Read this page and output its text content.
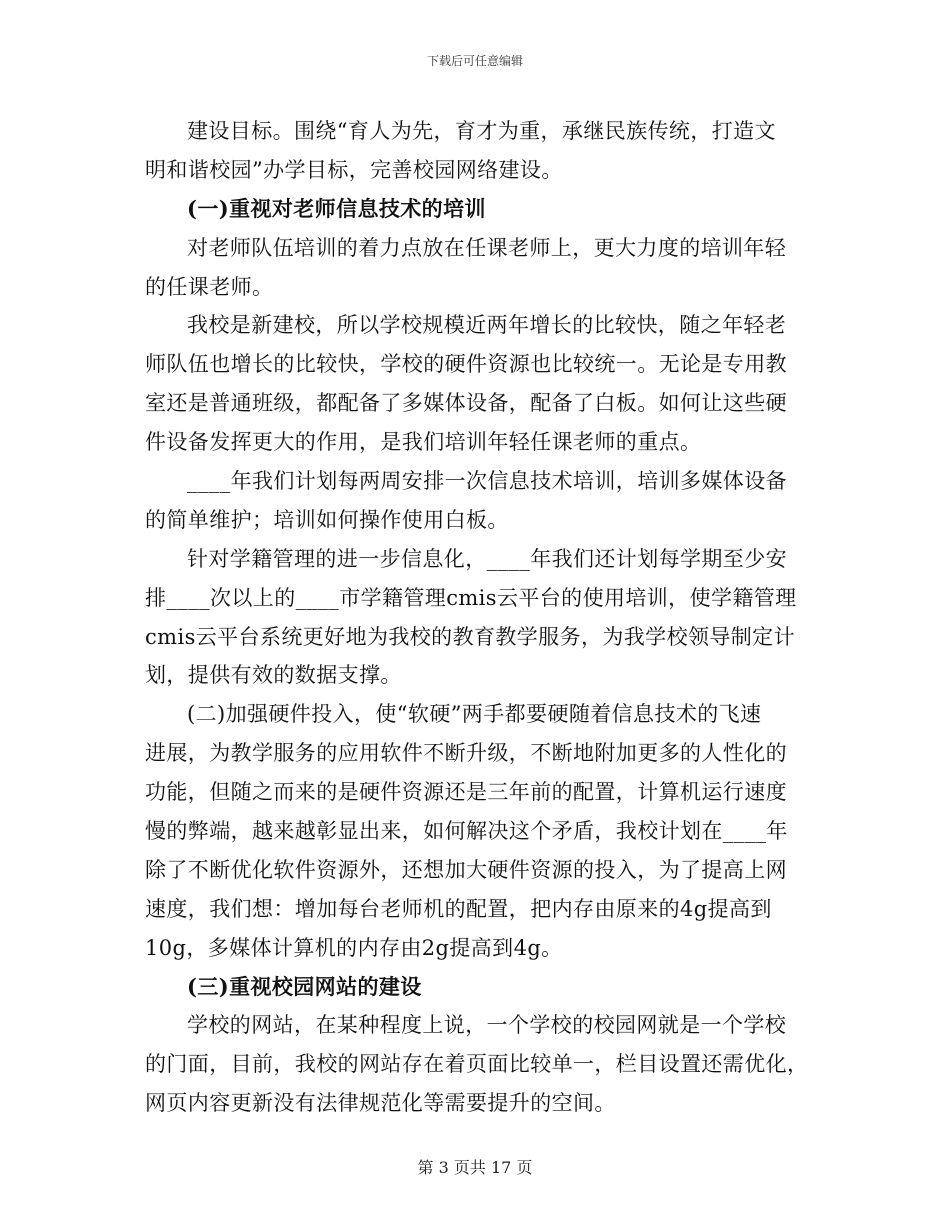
下载后可任意编辑
建设目标。围绕“育人为先，育才为重，承继民族传统，打造文
明和谐校园”办学目标，完善校园网络建设。
(一)重视对老师信息技术的培训
对老师队伍培训的着力点放在任课老师上，更大力度的培训年轻
的任课老师。
我校是新建校，所以学校规模近两年增长的比较快，随之年轻老
师队伍也增长的比较快，学校的硬件资源也比较统一。无论是专用教
室还是普通班级，都配备了多媒体设备，配备了白板。如何让这些硬
件设备发挥更大的作用，是我们培训年轻任课老师的重点。
____年我们计划每两周安排一次信息技术培训，培训多媒体设备
的简单维护；培训如何操作使用白板。
针对学籍管理的进一步信息化，____年我们还计划每学期至少安
排____次以上的____市学籍管理cmis云平台的使用培训，使学籍管理
cmis云平台系统更好地为我校的教育教学服务，为我学校领导制定计
划，提供有效的数据支撑。
(二)加强硬件投入，使“软硬”两手都要硬随着信息技术的飞速
进展，为教学服务的应用软件不断升级，不断地附加更多的人性化的
功能，但随之而来的是硬件资源还是三年前的配置，计算机运行速度
慢的弊端，越来越彰显出来，如何解决这个矛盾，我校计划在____年
除了不断优化软件资源外，还想加大硬件资源的投入，为了提高上网
速度，我们想：增加每台老师机的配置，把内存由原来的4g提高到
10g，多媒体计算机的内存由2g提高到4g。
(三)重视校园网站的建设
学校的网站，在某种程度上说，一个学校的校园网就是一个学校
的门面，目前，我校的网站存在着页面比较单一，栏目设置还需优化，
网页内容更新没有法律规范化等需要提升的空间。
第 3 页共 17 页
